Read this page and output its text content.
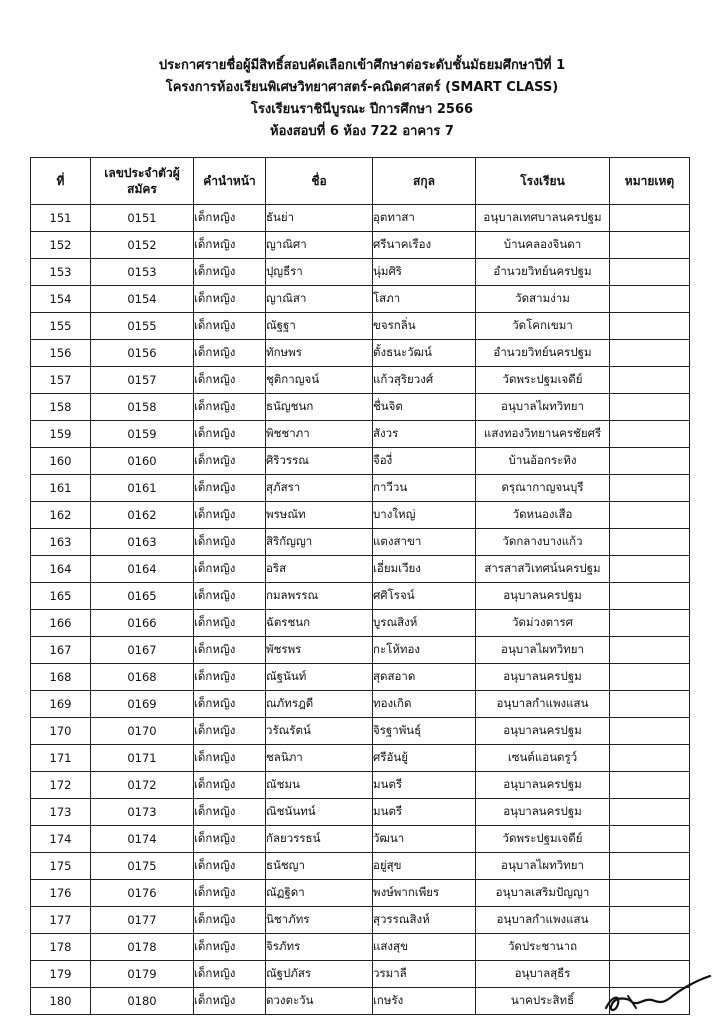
ประกาศรายชื่อผู้มีสิทธิ์สอบคัดเลือกเข้าศึกษาต่อระดับชั้นมัธยมศึกษาปีที่ 1
โครงการห้องเรียนพิเศษวิทยาศาสตร์-คณิตศาสตร์ (SMART CLASS)
โรงเรียนราชินีบูรณะ ปีการศึกษา 2566
ห้องสอบที่ 6 ห้อง 722 อาคาร 7
ที่	เลขประจำตัวผู้สมัคร	คำนำหน้า	ชื่อ	สกุล	โรงเรียน	หมายเหตุ
151	0151	เด็กหญิง	ธันย่า	อุตทาสา	อนุบาลเทศบาลนครปฐม	
152	0152	เด็กหญิง	ญาณิศา	ศรีนาคเรือง	บ้านคลองจินดา	
153	0153	เด็กหญิง	ปุญธีรา	นุ่มศิริ	อำนวยวิทย์นครปฐม	
154	0154	เด็กหญิง	ญาณิสา	โสภา	วัดสามง่าม	
155	0155	เด็กหญิง	ณัฐฐา	ขจรกลิ่น	วัดโคกเขมา	
156	0156	เด็กหญิง	ทักษพร	ตั้งธนะวัฒน์	อำนวยวิทย์นครปฐม	
157	0157	เด็กหญิง	ชุติกาญจน์	แก้วสุริยวงศ์	วัดพระปฐมเจดีย์	
158	0158	เด็กหญิง	ธนัญชนก	ชื่นจิต	อนุบาลไผทวิทยา	
159	0159	เด็กหญิง	พิชชาภา	สังวร	แสงทองวิทยานครชัยศรี	
160	0160	เด็กหญิง	ศิริวรรณ	จืองี่	บ้านอ้อกระทิง	
161	0161	เด็กหญิง	สุภัสรา	กาวีวน	ดรุณากาญจนบุรี	
162	0162	เด็กหญิง	พรษณัท	บางใหญ่	วัดหนองเสือ	
163	0163	เด็กหญิง	สิริกัญญา	แตงสาขา	วัดกลางบางแก้ว	
164	0164	เด็กหญิง	อริส	เอี่ยมเวียง	สารสาสวิเทศน์นครปฐม	
165	0165	เด็กหญิง	กมลพรรณ	ศศิโรจน์	อนุบาลนครปฐม	
166	0166	เด็กหญิง	ฉัตรชนก	บูรณสิงห์	วัดม่วงตารศ	
167	0167	เด็กหญิง	พัชรพร	กะโห้ทอง	อนุบาลไผทวิทยา	
168	0168	เด็กหญิง	ณัฐนันท์	สุดสอาด	อนุบาลนครปฐม	
169	0169	เด็กหญิง	ณภัทรฎดี	ทองเกิด	อนุบาลกำแพงแสน	
170	0170	เด็กหญิง	วรัณรัตน์	จิรฐาพันธุ์	อนุบาลนครปฐม	
171	0171	เด็กหญิง	ชลนิภา	ศรีอันยู้	เซนต์แอนดรูว์	
172	0172	เด็กหญิง	ณัชมน	มนตรี	อนุบาลนครปฐม	
173	0173	เด็กหญิง	ณิชนันทน์	มนตรี	อนุบาลนครปฐม	
174	0174	เด็กหญิง	กัลยวรรธน์	วัฒนา	วัดพระปฐมเจดีย์	
175	0175	เด็กหญิง	ธนัชญา	อยู่สุข	อนุบาลไผทวิทยา	
176	0176	เด็กหญิง	ณัฏฐิดา	พงษ์พากเพียร	อนุบาลเสริมปัญญา	
177	0177	เด็กหญิง	นิชาภัทร	สุวรรณสิงห์	อนุบาลกำแพงแสน	
178	0178	เด็กหญิง	จิรภัทร	แสงสุข	วัดประชานาถ	
179	0179	เด็กหญิง	ณัฐปภัสร	วรมาลี	อนุบาลสุธีร	
180	0180	เด็กหญิง	ดวงตะวัน	เกษรัง	นาคประสิทธิ์	
